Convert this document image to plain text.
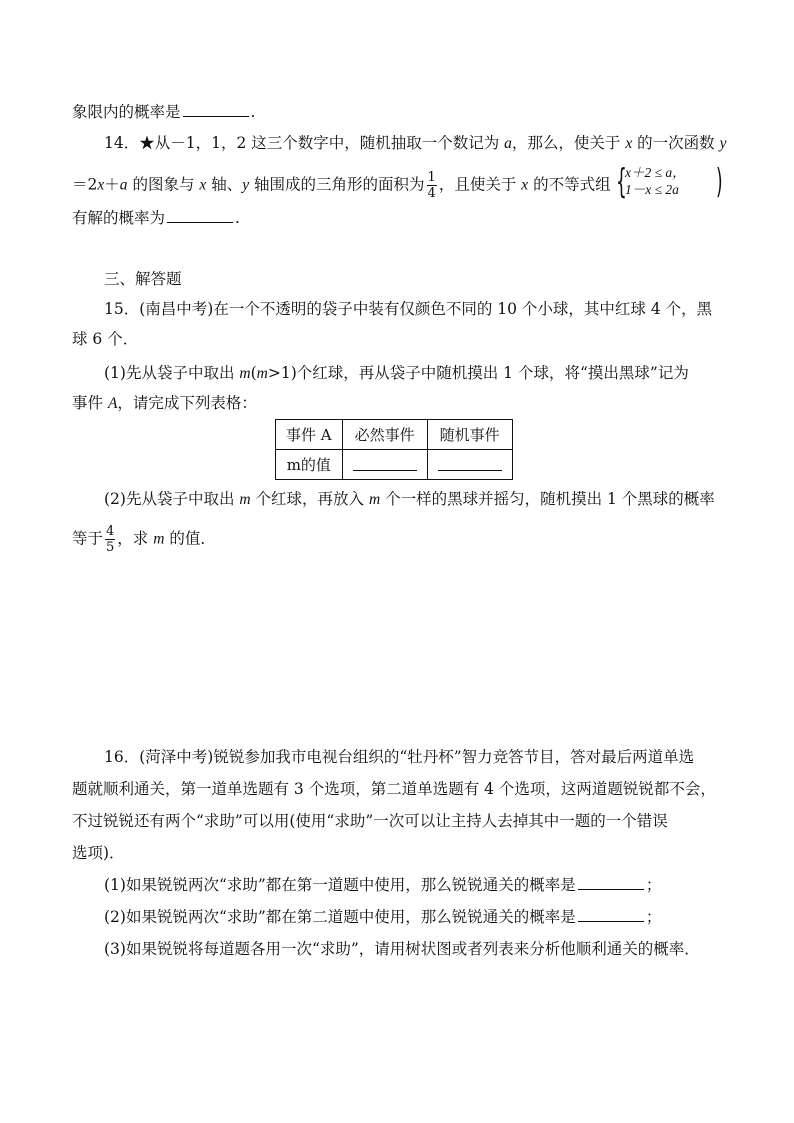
象限内的概率是	.
14．★从－1，1，2 这三个数字中，随机抽取一个数记为 a，那么，使关于 x 的一次函数 y
＝2x＋a 的图象与 x 轴、y 轴围成的三角形的面积为 $\frac{1}{4}$ ，且使关于 x 的不等式组 {
x＋2 ≤ a，
1－x ≤ 2a )
有解的概率为	.
三、解答题
15．(南昌中考)在一个不透明的袋子中装有仅颜色不同的 10 个小球，其中红球 4 个，黑
球 6 个．
(1)先从袋子中取出 m(m>1)个红球，再从袋子中随机摸出 1 个球，将“摸出黑球”记为
事件 A，请完成下列表格：
事件 A	必然事件	随机事件
m的值		
(2)先从袋子中取出 m 个红球，再放入 m 个一样的黑球并摇匀，随机摸出 1 个黑球的概率
等于 $\frac{4}{5}$ ，求 m 的值．
16．(菏泽中考)锐锐参加我市电视台组织的“牡丹杯”智力竞答节目，答对最后两道单选
题就顺利通关，第一道单选题有 3 个选项，第二道单选题有 4 个选项，这两道题锐锐都不会，
不过锐锐还有两个“求助”可以用(使用“求助”一次可以让主持人去掉其中一题的一个错误
选项)．
(1)如果锐锐两次“求助”都在第一道题中使用，那么锐锐通关的概率是	；
(2)如果锐锐两次“求助”都在第二道题中使用，那么锐锐通关的概率是	；
(3)如果锐锐将每道题各用一次“求助”，请用树状图或者列表来分析他顺利通关的概率．
